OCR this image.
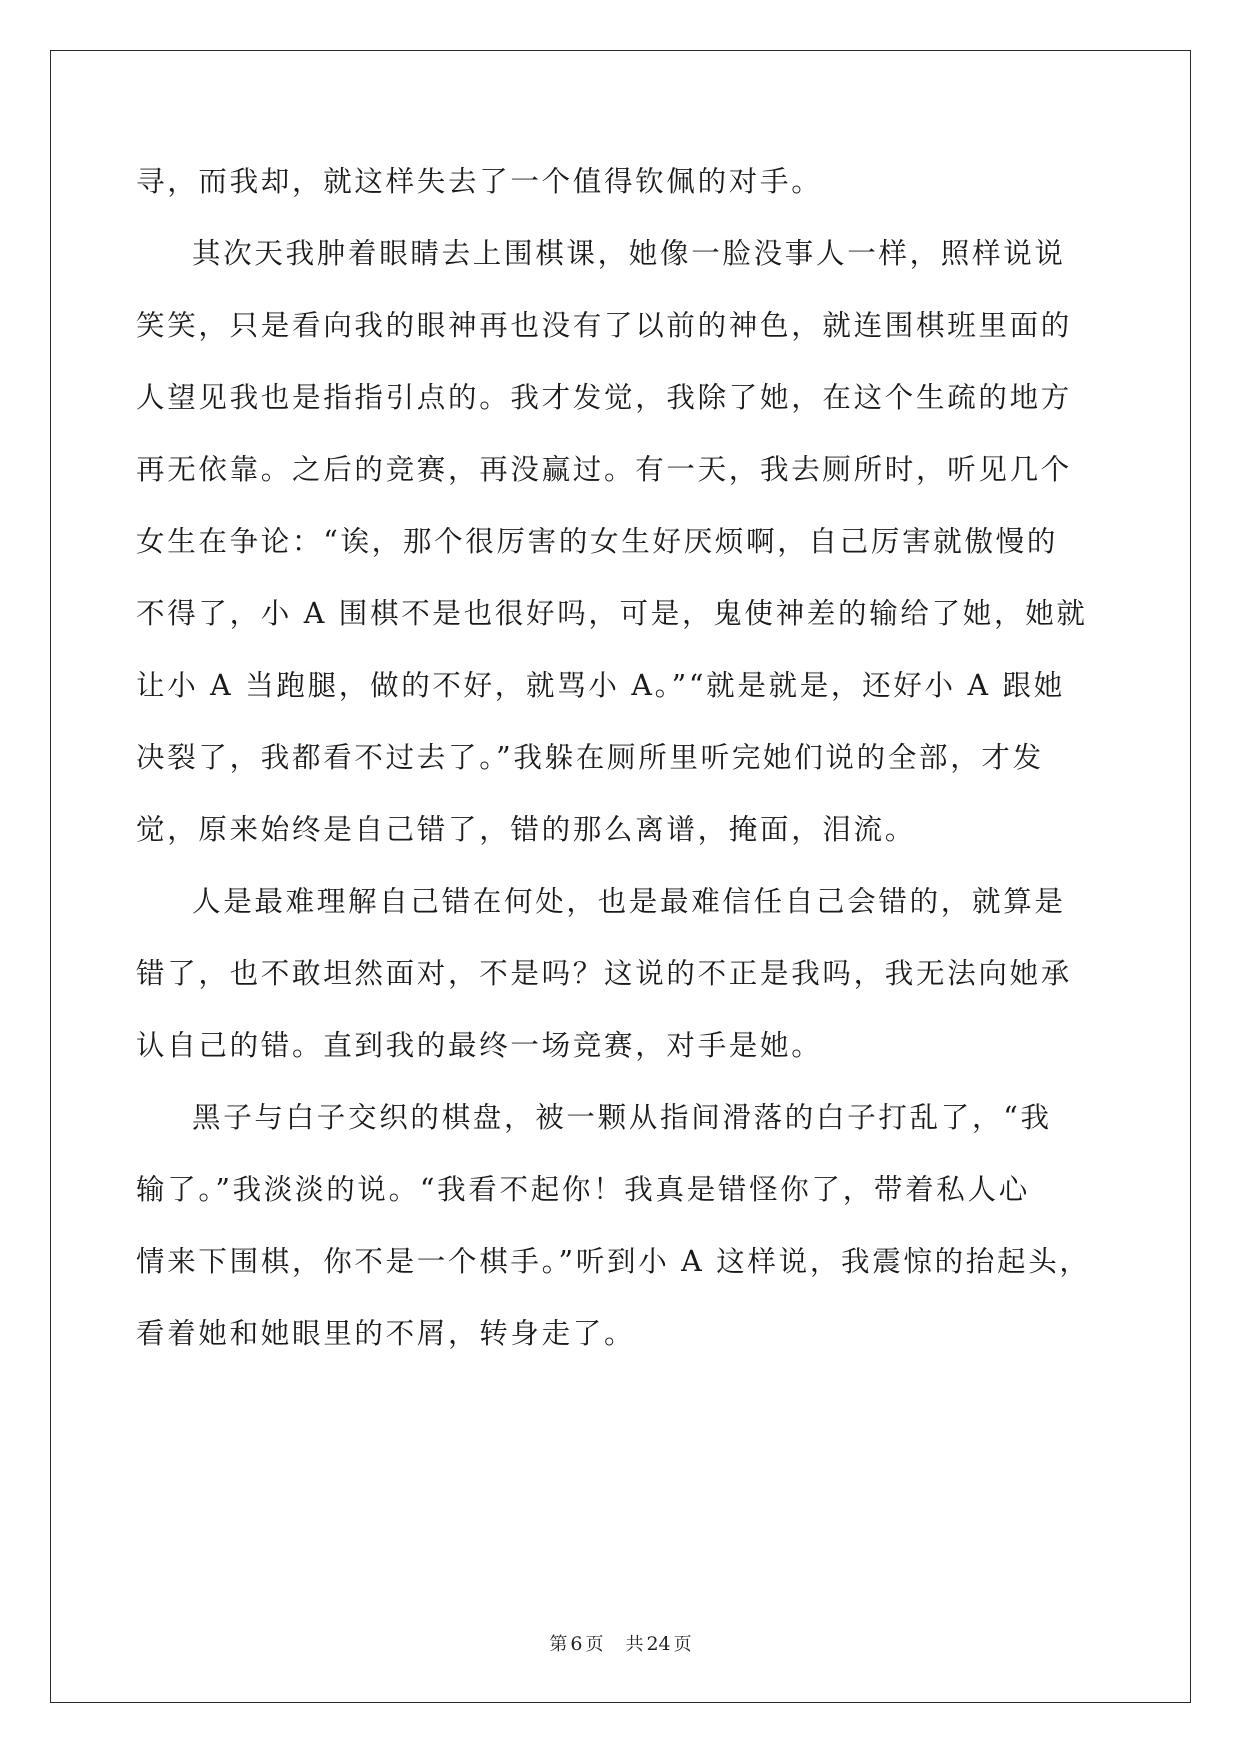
寻，而我却，就这样失去了一个值得钦佩的对手。
其次天我肿着眼睛去上围棋课，她像一脸没事人一样，照样说说
笑笑，只是看向我的眼神再也没有了以前的神色，就连围棋班里面的
人望见我也是指指引点的。我才发觉，我除了她，在这个生疏的地方
再无依靠。之后的竞赛，再没赢过。有一天，我去厕所时，听见几个
女生在争论：“诶，那个很厉害的女生好厌烦啊，自己厉害就傲慢的
不得了，小 A 围棋不是也很好吗，可是，鬼使神差的输给了她，她就
让小 A 当跑腿，做的不好，就骂小 A。”“就是就是，还好小 A 跟她
决裂了，我都看不过去了。”我躲在厕所里听完她们说的全部，才发
觉，原来始终是自己错了，错的那么离谱，掩面，泪流。
人是最难理解自己错在何处，也是最难信任自己会错的，就算是
错了，也不敢坦然面对，不是吗？这说的不正是我吗，我无法向她承
认自己的错。直到我的最终一场竞赛，对手是她。
黑子与白子交织的棋盘，被一颗从指间滑落的白子打乱了，“我
输了。”我淡淡的说。“我看不起你！我真是错怪你了，带着私人心
情来下围棋，你不是一个棋手。”听到小 A 这样说，我震惊的抬起头，
看着她和她眼里的不屑，转身走了。
第 6 页 共 24 页
